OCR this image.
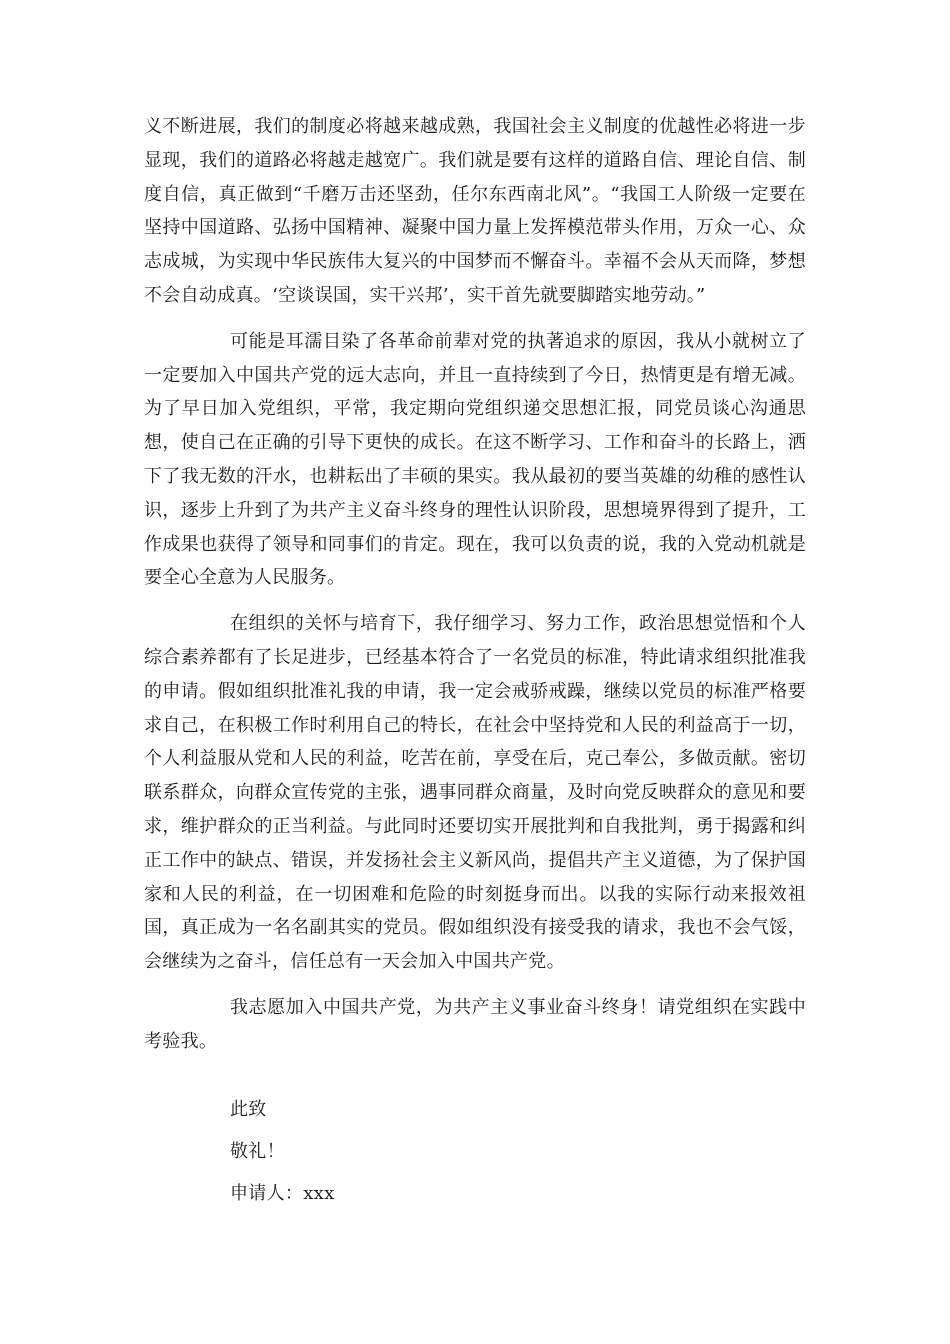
义不断进展，我们的制度必将越来越成熟，我国社会主义制度的优越性必将进一步显现，我们的道路必将越走越宽广。我们就是要有这样的道路自信、理论自信、制度自信，真正做到“千磨万击还坚劲，任尔东西南北风”。“我国工人阶级一定要在坚持中国道路、弘扬中国精神、凝聚中国力量上发挥模范带头作用，万众一心、众志成城，为实现中华民族伟大复兴的中国梦而不懈奋斗。幸福不会从天而降，梦想不会自动成真。‘空谈误国，实干兴邦’，实干首先就要脚踏实地劳动。”

可能是耳濡目染了各革命前辈对党的执著追求的原因，我从小就树立了一定要加入中国共产党的远大志向，并且一直持续到了今日，热情更是有增无减。为了早日加入党组织，平常，我定期向党组织递交思想汇报，同党员谈心沟通思想，使自己在正确的引导下更快的成长。在这不断学习、工作和奋斗的长路上，洒下了我无数的汗水，也耕耘出了丰硕的果实。我从最初的要当英雄的幼稚的感性认识，逐步上升到了为共产主义奋斗终身的理性认识阶段，思想境界得到了提升，工作成果也获得了领导和同事们的肯定。现在，我可以负责的说，我的入党动机就是要全心全意为人民服务。

在组织的关怀与培育下，我仔细学习、努力工作，政治思想觉悟和个人综合素养都有了长足进步，已经基本符合了一名党员的标准，特此请求组织批准我的申请。假如组织批准礼我的申请，我一定会戒骄戒躁，继续以党员的标准严格要求自己，在积极工作时利用自己的特长，在社会中坚持党和人民的利益高于一切，个人利益服从党和人民的利益，吃苦在前，享受在后，克己奉公，多做贡献。密切联系群众，向群众宣传党的主张，遇事同群众商量，及时向党反映群众的意见和要求，维护群众的正当利益。与此同时还要切实开展批判和自我批判，勇于揭露和纠正工作中的缺点、错误，并发扬社会主义新风尚，提倡共产主义道德，为了保护国家和人民的利益，在一切困难和危险的时刻挺身而出。以我的实际行动来报效祖国，真正成为一名名副其实的党员。假如组织没有接受我的请求，我也不会气馁，会继续为之奋斗，信任总有一天会加入中国共产党。

我志愿加入中国共产党，为共产主义事业奋斗终身！请党组织在实践中考验我。

此致
敬礼！
申请人：xxx
